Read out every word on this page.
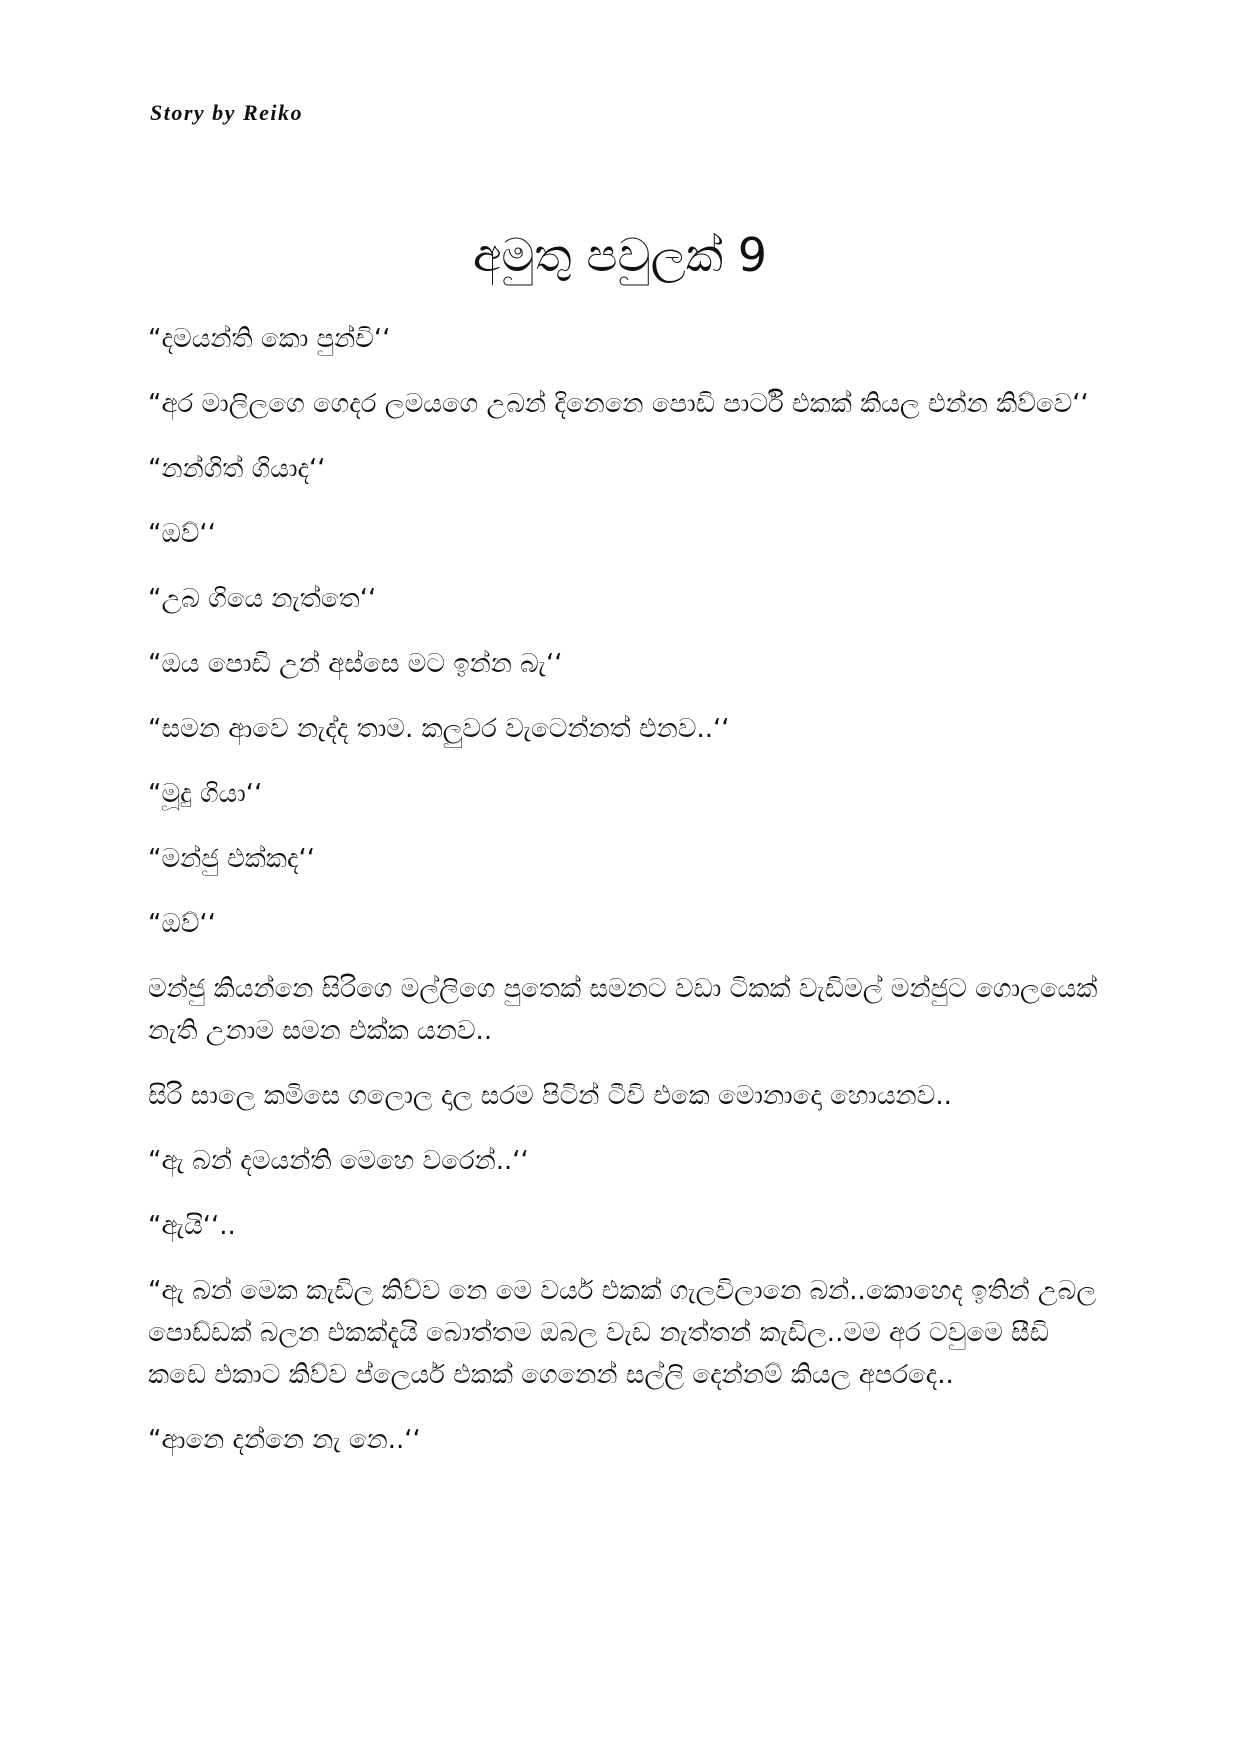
Story by Reiko
අමුතු පවුලක් 9

“දමයන්ති කො පුන්චි‘‘

“අර මාලිලගෙ ගෙදර ලමයගෙ උබන් දිනෙනෙ පොඩි පාර්ටි එකක් කියල එන්න කිව්වෙ‘‘

“නන්ගිත් ගියාද‘‘

“ඔව්‘‘

“උබ ගියෙ නැත්තෙ‘‘

“ඔය පොඩි උන් අස්සෙ මට ඉන්න බැ‘‘

“සමන ආවෙ නැද්ද තාම. කලුවර වැටෙන්නත් එනව..‘‘

“මූදු ගියා‘‘

“මන්ජු එක්කද‘‘

“ඔව්‘‘

මන්ජු කියන්නෙ සිරිගෙ මල්ලිගෙ පුතෙක් සමනට වඩා ටිකක් වැඩිමල් මන්ජුට ගොලයෙක් නැති උනාම සමන එක්ක යනව..

සිරි සාලෙ කමිසෙ ගලොල දාල සරම පිටින් ටීවි එකෙ මොනාදො හොයනව..

“ඇ බන් දමයන්ති මෙහෙ වරෙන්..‘‘

“ඇයි‘‘..

“ඇ බන් මෙක කැඩිල කිව්ව නෙ මෙ වයර් එකක් ගැලවිලානෙ බන්..කොහෙද ඉතින් උබල පොඩ්ඩක් බලන එකක්දැයි බොත්තම ඔබල වැඩ නැත්තන් කැඩිල..මම අර ටවුමෙ සීඩි කඩෙ එකාට කිව්ව ප්ලෙයර් එකක් ගෙනෙන් සල්ලි දෙන්නම් කියල අපරදෙ..

“ආනෙ දන්නෙ නැ නෙ..‘‘
